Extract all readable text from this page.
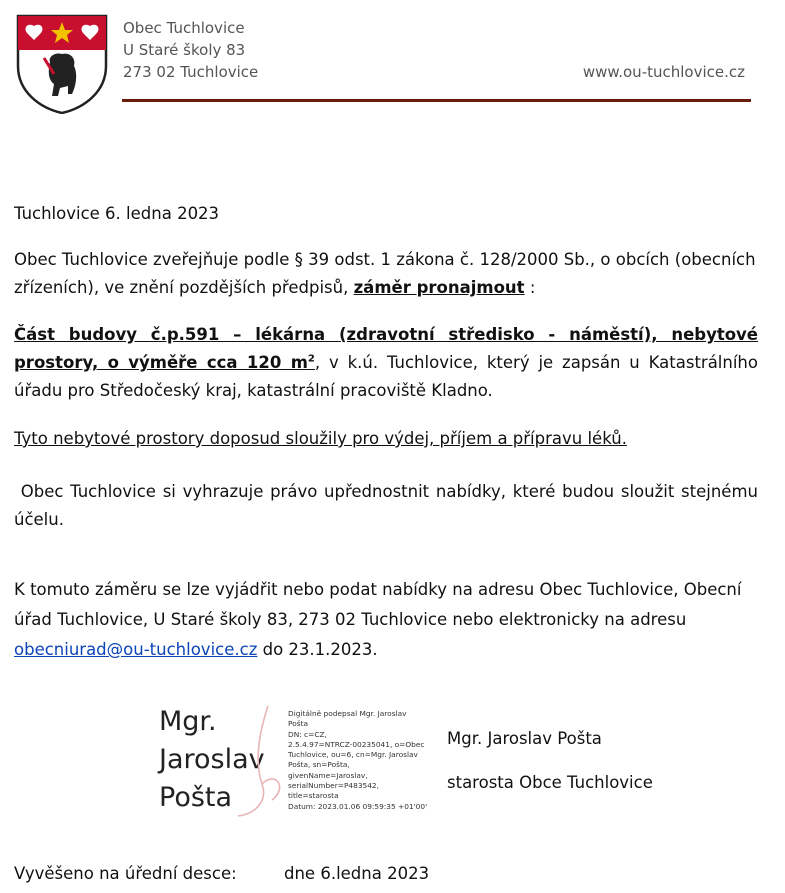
Obec Tuchlovice
U Staré školy 83
273 02 Tuchlovice	www.ou-tuchlovice.cz
Tuchlovice 6. ledna 2023
Obec Tuchlovice zveřejňuje podle § 39 odst. 1 zákona č. 128/2000 Sb., o obcích (obecních zřízeních), ve znění pozdějších předpisů, záměr pronajmout :
Část budovy č.p.591 – lékárna (zdravotní středisko - náměstí), nebytové prostory, o výměře cca 120 $m^2$, v k.ú. Tuchlovice, který je zapsán u Katastrálního úřadu pro Středočeský kraj, katastrální pracoviště Kladno.
Tyto nebytové prostory doposud sloužily pro výdej, příjem a přípravu léků.
Obec Tuchlovice si vyhrazuje právo upřednostnit nabídky, které budou sloužit stejnému účelu.
K tomuto záměru se lze vyjádřit nebo podat nabídky na adresu Obec Tuchlovice, Obecní úřad Tuchlovice, U Staré školy 83, 273 02 Tuchlovice nebo elektronicky na adresu obecniurad@ou-tuchlovice.cz do 23.1.2023.
Mgr.
Jaroslav
Pošta
Digitálně podepsal Mgr. Jaroslav
Pošta
DN: c=CZ,
2.5.4.97=NTRCZ-00235041, o=Obec
Tuchlovice, ou=6, cn=Mgr. Jaroslav
Pošta, sn=Pošta,
givenName=Jaroslav,
serialNumber=P483542,
title=starosta
Datum: 2023.01.06 09:59:35 +01'00'
Mgr. Jaroslav Pošta
starosta Obce Tuchlovice
Vyvěšeno na úřední desce:	dne 6.ledna 2023
